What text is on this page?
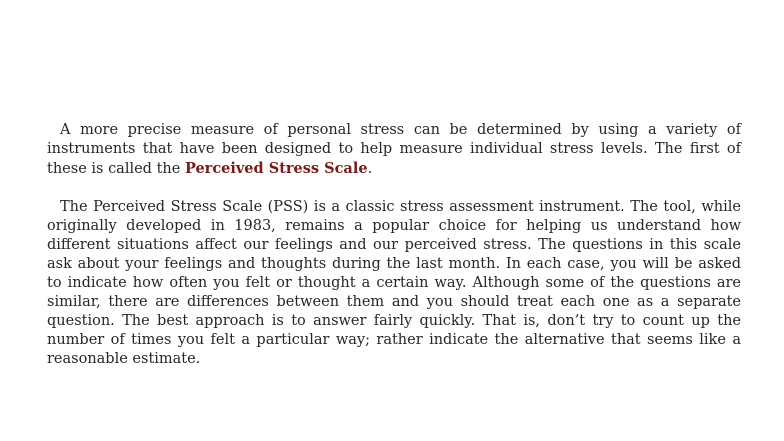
A more precise measure of personal stress can be determined by using a variety of instruments that have been designed to help measure individual stress levels. The first of these is called the Perceived Stress Scale.

The Perceived Stress Scale (PSS) is a classic stress assessment instrument. The tool, while originally developed in 1983, remains a popular choice for helping us understand how different situations affect our feelings and our perceived stress. The questions in this scale ask about your feelings and thoughts during the last month. In each case, you will be asked to indicate how often you felt or thought a certain way. Although some of the questions are similar, there are differences between them and you should treat each one as a separate question. The best approach is to answer fairly quickly. That is, don’t try to count up the number of times you felt a particular way; rather indicate the alternative that seems like a reasonable estimate.
